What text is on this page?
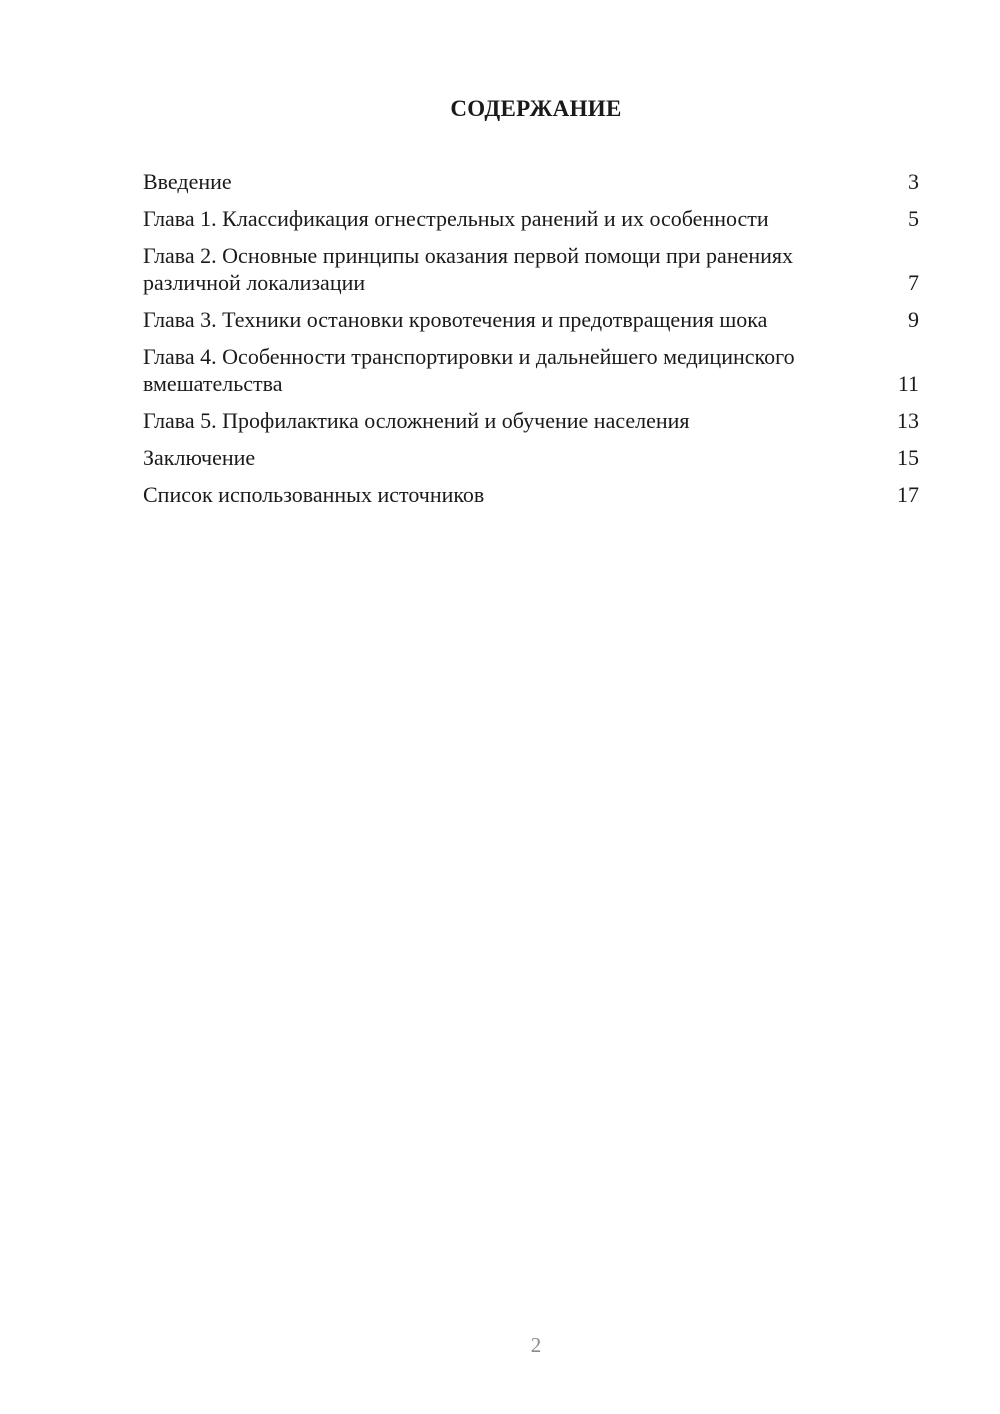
СОДЕРЖАНИЕ
Введение	3
Глава 1. Классификация огнестрельных ранений и их особенности	5
Глава 2. Основные принципы оказания первой помощи при ранениях различной локализации	7
Глава 3. Техники остановки кровотечения и предотвращения шока	9
Глава 4. Особенности транспортировки и дальнейшего медицинского вмешательства	11
Глава 5. Профилактика осложнений и обучение населения	13
Заключение	15
Список использованных источников	17
2
